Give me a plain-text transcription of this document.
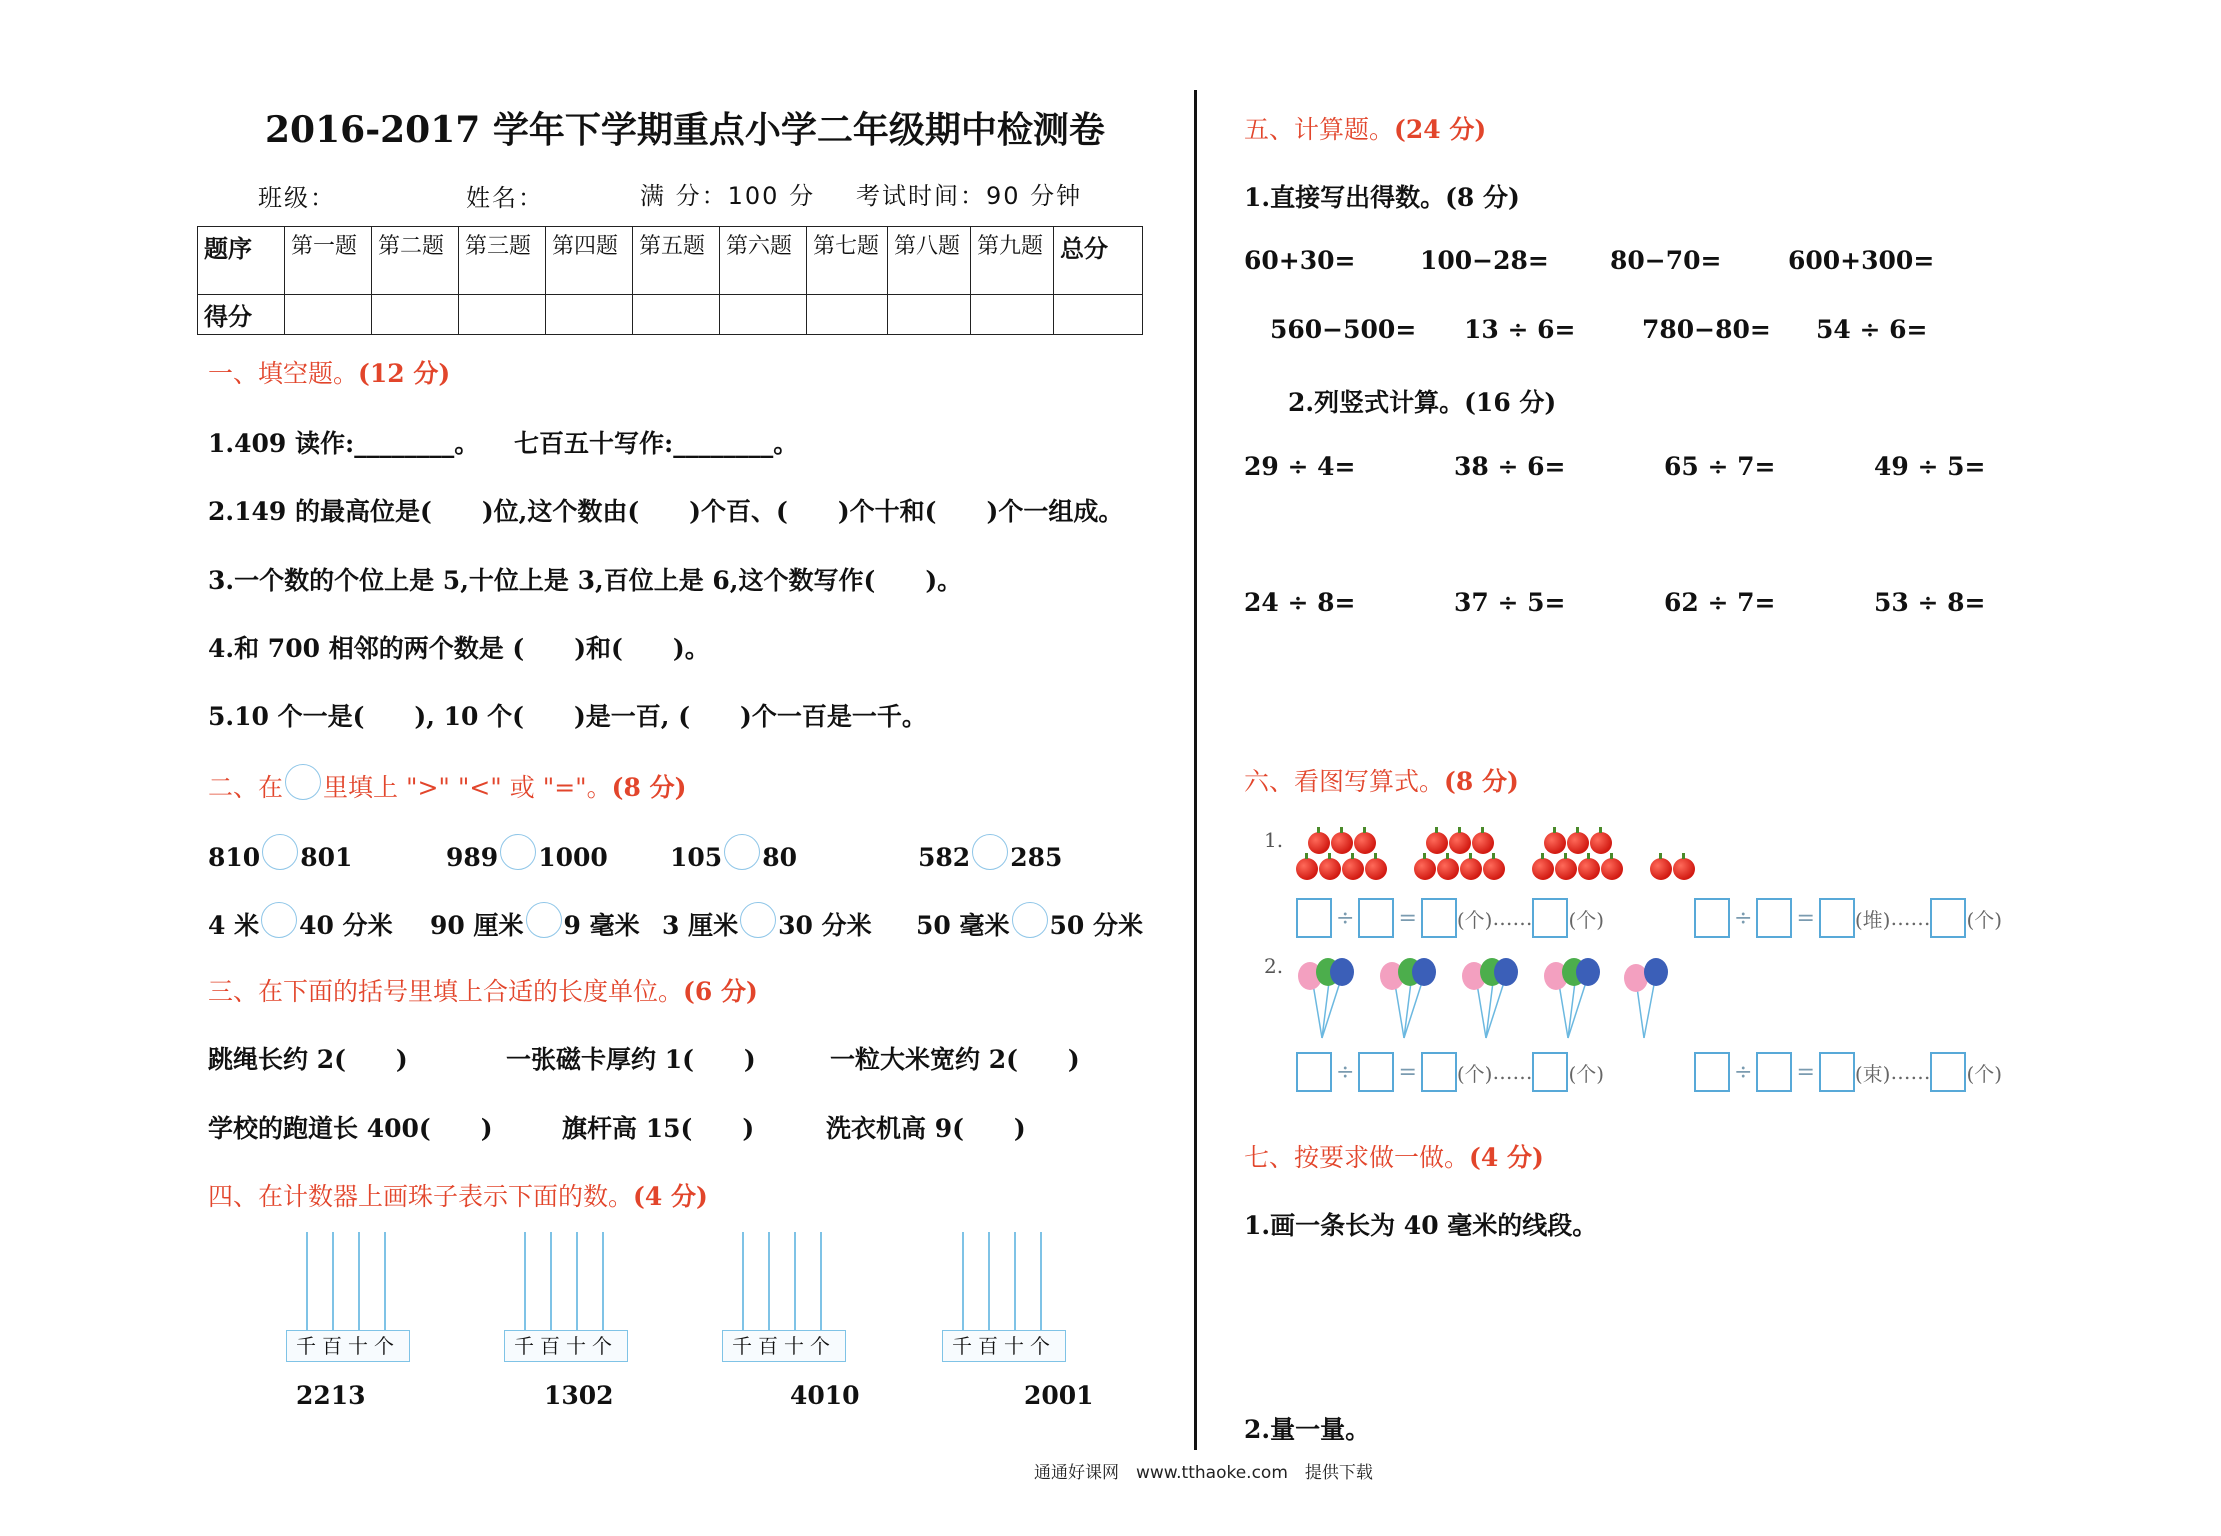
2016-2017 学年下学期重点小学二年级期中检测卷
班级：	姓名：	满 分：100 分 考试时间：90 分钟
题序	第一题	第二题	第三题	第四题	第五题	第六题	第七题	第八题	第九题	总分
得分										
一、填空题。(12 分)
1.409 读作:________。 七百五十写作:________。
2.149 的最高位是(　　)位,这个数由(　　)个百、(　　)个十和(　　)个一组成。
3.一个数的个位上是 5,十位上是 3,百位上是 6,这个数写作(　　)。
4.和 700 相邻的两个数是 (　　)和(　　)。
5.10 个一是(　　), 10 个(　　)是一百, (　　)个一百是一千。
二、在 里填上 ">" "<" 或 "="。(8 分)
810 801	989 1000 105 80	582 285
4 米 40 分米 90 厘米 9 毫米 3 厘米 30 分米 50 毫米 50 分米
三、在下面的括号里填上合适的长度单位。(6 分)
跳绳长约 2(　　)	一张磁卡厚约 1(　　)	一粒大米宽约 2(　　)
学校的跑道长 400(　　)	旗杆高 15(　　)	洗衣机高 9(　　)
四、在计数器上画珠子表示下面的数。(4 分)
千百十个	千百十个	千百十个	千百十个
2213	1302	4010	2001
五、计算题。(24 分)
1.直接写出得数。(8 分)
60+30=	100−28= 80−70=	600+300=
560−500= 13 ÷ 6=	780−80= 54 ÷ 6=
2.列竖式计算。(16 分)
29 ÷ 4=	38 ÷ 6=	65 ÷ 7=	49 ÷ 5=
24 ÷ 8=	37 ÷ 5=	62 ÷ 7=	53 ÷ 8=
六、看图写算式。(8 分)
1.
÷ = (个)…… (个)	÷ = (堆)…… (个)
2.
÷ = (个)…… (个)	÷ = (束)…… (个)
七、按要求做一做。(4 分)
1.画一条长为 40 毫米的线段。
2.量一量。
通通好课网　www.tthaoke.com　提供下载
